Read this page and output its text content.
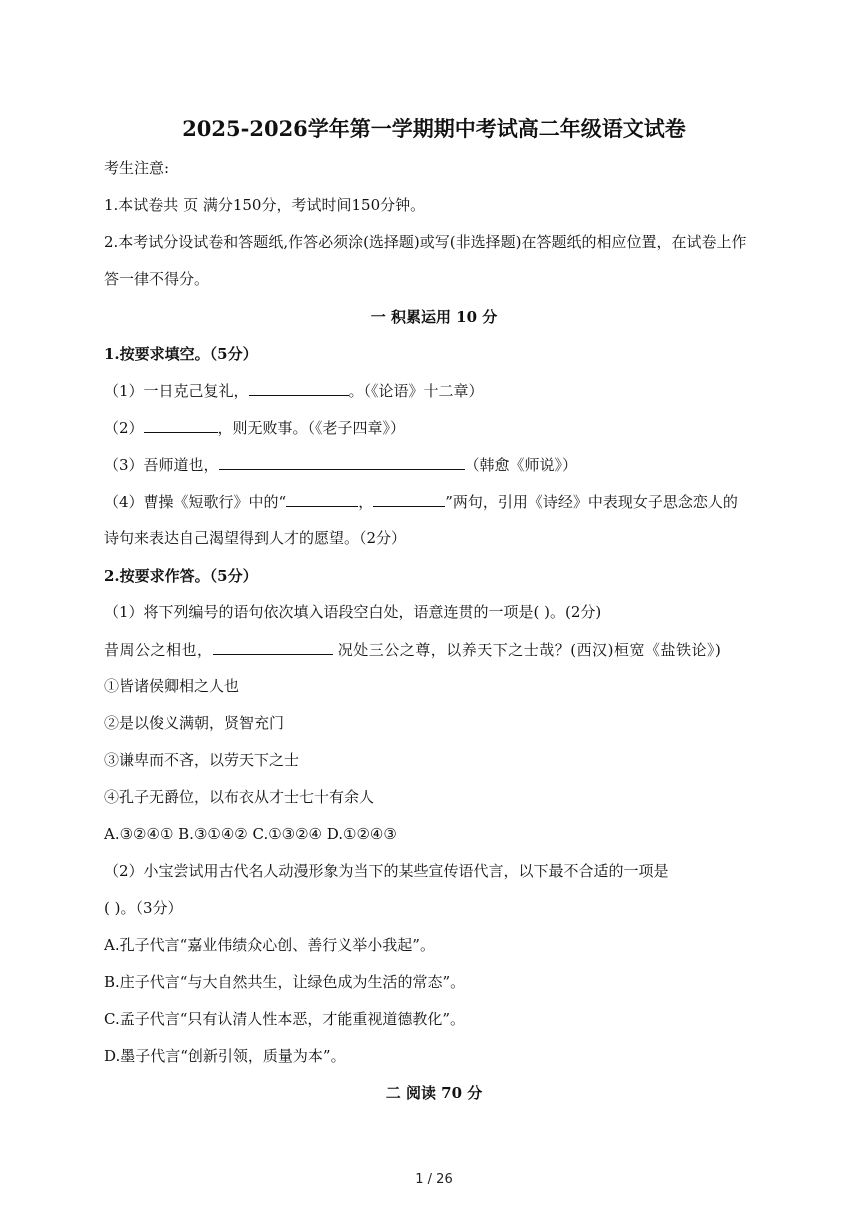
2025-2026学年第一学期期中考试高二年级语文试卷
考生注意:
1.本试卷共 页 满分150分，考试时间150分钟。
2.本考试分设试卷和答题纸,作答必须涂(选择题)或写(非选择题)在答题纸的相应位置，在试卷上作
答一律不得分。
一 积累运用 10 分
1.按要求填空。（5分）
（1）一日克己复礼，	。（《论语》十二章）
（2）	，则无败事。（《老子四章》）
（3）吾师道也，	（韩愈《师说》）
（4）曹操《短歌行》中的“	，	”两句，引用《诗经》中表现女子思念恋人的
诗句来表达自己渴望得到人才的愿望。（2分）
2.按要求作答。（5分）
（1）将下列编号的语句依次填入语段空白处，语意连贯的一项是( )。(2分)
昔周公之相也，	况处三公之尊，以养天下之士哉？(西汉)桓宽《盐铁论》)
①皆诸侯卿相之人也
②是以俊义满朝，贤智充门
③谦卑而不吝，以劳天下之士
④孔子无爵位，以布衣从才士七十有余人
A.③②④① B.③①④② C.①③②④ D.①②④③
（2）小宝尝试用古代名人动漫形象为当下的某些宣传语代言，以下最不合适的一项是
( )。（3分）
A.孔子代言“嘉业伟绩众心创、善行义举小我起”。
B.庄子代言“与大自然共生，让绿色成为生活的常态”。
C.孟子代言“只有认清人性本恶，才能重视道德教化”。
D.墨子代言“创新引领，质量为本”。
二 阅读 70 分
1 / 26
